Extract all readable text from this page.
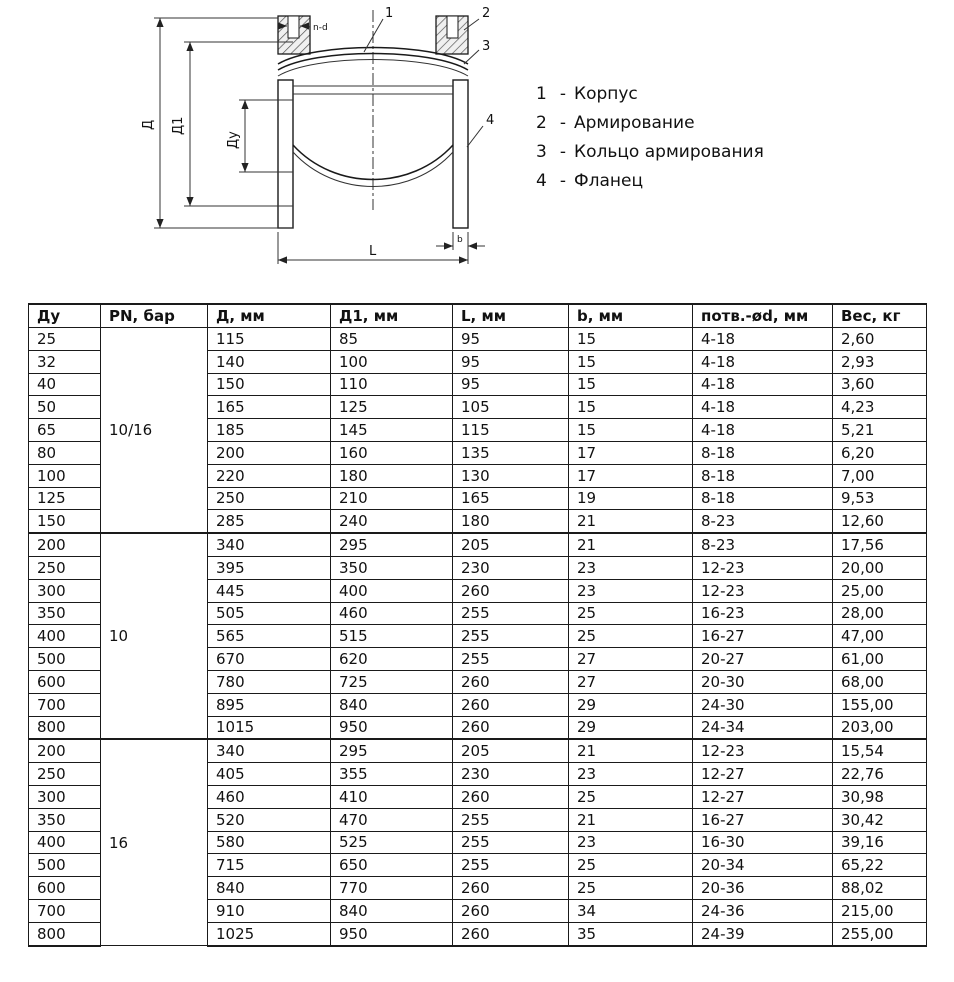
n-d
Д Д1
Ду
L
b
1	2
3
4
1 - Корпус
2 - Армирование
3 - Кольцо армирования
4 - Фланец
Ду	PN, бар	Д, мм	Д1, мм	L, мм	b, мм	потв.-ød, мм	Вес, кг
25	10/16	115	85	95	15	4-18	2,60
32		140	100	95	15	4-18	2,93
40		150	110	95	15	4-18	3,60
50		165	125	105	15	4-18	4,23
65		185	145	115	15	4-18	5,21
80		200	160	135	17	8-18	6,20
100		220	180	130	17	8-18	7,00
125		250	210	165	19	8-18	9,53
150		285	240	180	21	8-23	12,60
200	10	340	295	205	21	8-23	17,56
250		395	350	230	23	12-23	20,00
300		445	400	260	23	12-23	25,00
350		505	460	255	25	16-23	28,00
400		565	515	255	25	16-27	47,00
500		670	620	255	27	20-27	61,00
600		780	725	260	27	20-30	68,00
700		895	840	260	29	24-30	155,00
800		1015	950	260	29	24-34	203,00
200	16	340	295	205	21	12-23	15,54
250		405	355	230	23	12-27	22,76
300		460	410	260	25	12-27	30,98
350		520	470	255	21	16-27	30,42
400		580	525	255	23	16-30	39,16
500		715	650	255	25	20-34	65,22
600		840	770	260	25	20-36	88,02
700		910	840	260	34	24-36	215,00
800		1025	950	260	35	24-39	255,00
